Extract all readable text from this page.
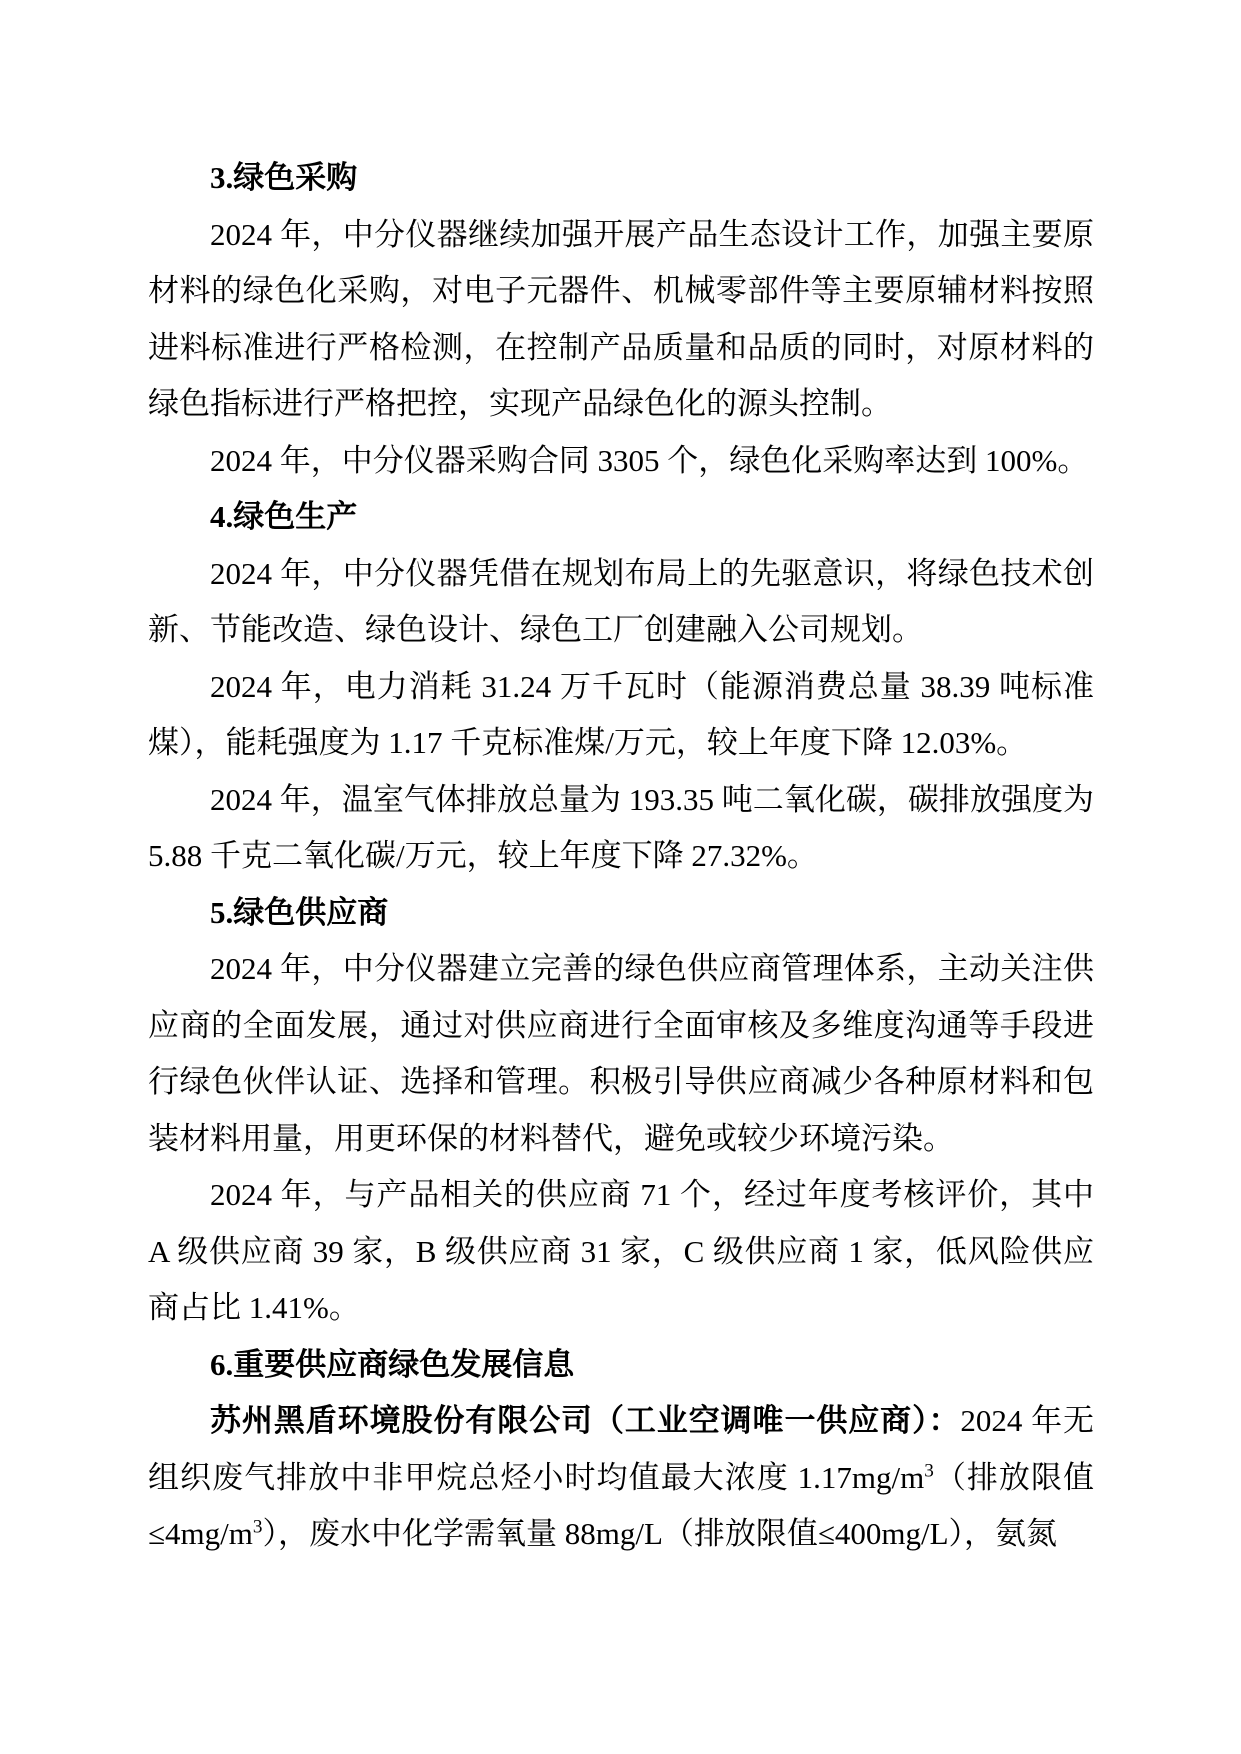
3.绿色采购

2024 年，中分仪器继续加强开展产品生态设计工作，加强主要原材料的绿色化采购，对电子元器件、机械零部件等主要原辅材料按照进料标准进行严格检测，在控制产品质量和品质的同时，对原材料的绿色指标进行严格把控，实现产品绿色化的源头控制。

2024 年，中分仪器采购合同 3305 个，绿色化采购率达到 100%。

4.绿色生产

2024 年，中分仪器凭借在规划布局上的先驱意识，将绿色技术创新、节能改造、绿色设计、绿色工厂创建融入公司规划。

2024 年，电力消耗 31.24 万千瓦时（能源消费总量 38.39 吨标准煤），能耗强度为 1.17 千克标准煤/万元，较上年度下降 12.03%。

2024 年，温室气体排放总量为 193.35 吨二氧化碳，碳排放强度为 5.88 千克二氧化碳/万元，较上年度下降 27.32%。

5.绿色供应商

2024 年，中分仪器建立完善的绿色供应商管理体系，主动关注供应商的全面发展，通过对供应商进行全面审核及多维度沟通等手段进行绿色伙伴认证、选择和管理。积极引导供应商减少各种原材料和包装材料用量，用更环保的材料替代，避免或较少环境污染。

2024 年，与产品相关的供应商 71 个，经过年度考核评价，其中 A 级供应商 39 家，B 级供应商 31 家，C 级供应商 1 家，低风险供应商占比 1.41%。

6.重要供应商绿色发展信息

苏州黑盾环境股份有限公司（工业空调唯一供应商）：2024 年无组织废气排放中非甲烷总烃小时均值最大浓度 $1.17mg/m^3$（排放限值$\le 4mg/m^3$），废水中化学需氧量 88mg/L（排放限值≤400mg/L），氨氮
